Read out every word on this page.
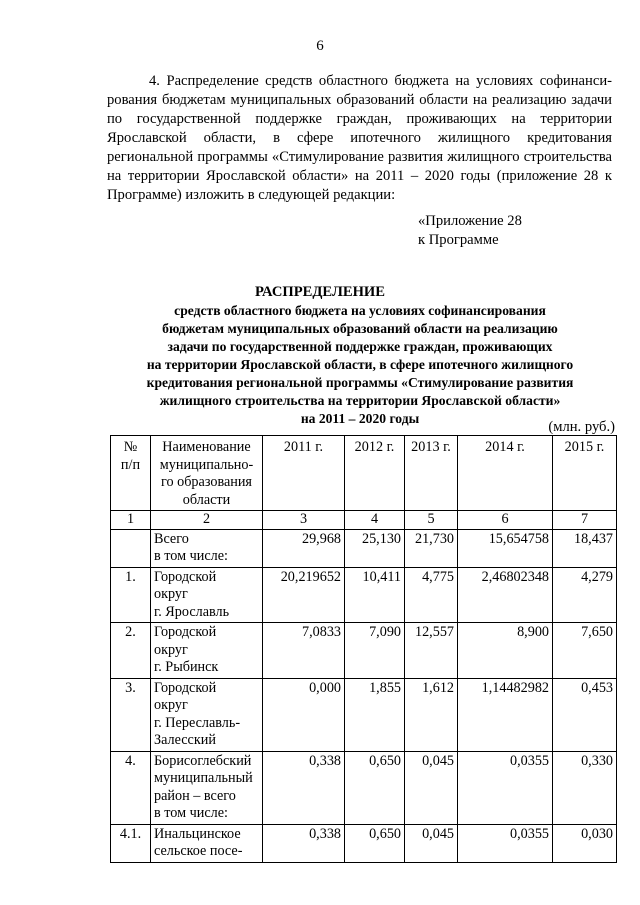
6

4. Распределение средств областного бюджета на условиях софинанси-рования бюджетам муниципальных образований области на реализацию задачи по государственной поддержке граждан, проживающих на территории Ярославской области, в сфере ипотечного жилищного кредитования региональной программы «Стимулирование развития жилищного строительства на территории Ярославской области» на 2011 – 2020 годы (приложение 28 к Программе) изложить в следующей редакции:

«Приложение 28
к Программе
РАСПРЕДЕЛЕНИЕ
средств областного бюджета на условиях софинансирования
бюджетам муниципальных образований области на реализацию
задачи по государственной поддержке граждан, проживающих
на территории Ярославской области, в сфере ипотечного жилищного
кредитования региональной программы «Стимулирование развития
жилищного строительства на территории Ярославской области»
на 2011 – 2020 годы
(млн. руб.)
№
п/п	Наименование
муниципально-
го образования
области	2011 г.	2012 г.	2013 г.	2014 г.	2015 г.
1	2	3	4	5	6	7
	Всего
в том числе:	29,968	25,130	21,730	15,654758	18,437
1.	Городской
округ
г. Ярославль	20,219652	10,411	4,775	2,46802348	4,279
2.	Городской
округ
г. Рыбинск	7,0833	7,090	12,557	8,900	7,650
3.	Городской
округ
г. Переславль-
Залесский	0,000	1,855	1,612	1,14482982	0,453
4.	Борисоглебский
муниципальный
район – всего
в том числе:	0,338	0,650	0,045	0,0355	0,330
4.1.	Инальцинское
сельское посе-	0,338	0,650	0,045	0,0355	0,030
